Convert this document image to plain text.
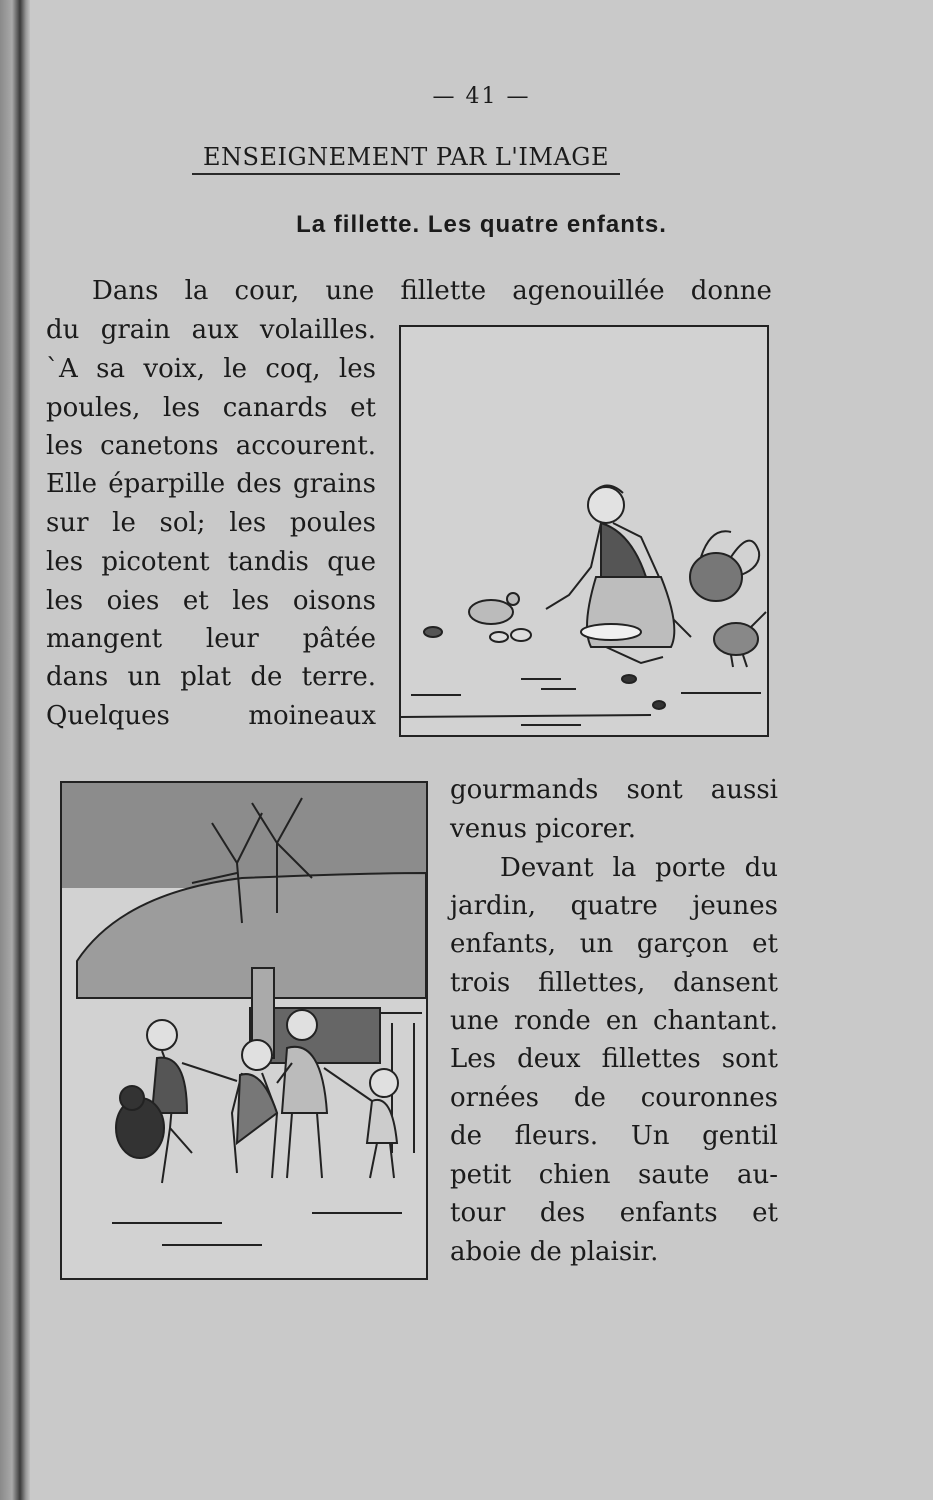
— 41 —
ENSEIGNEMENT PAR L'IMAGE
La fillette. Les quatre enfants.
Dans la cour, une fillette agenouillée donne
du grain aux volailles.
`A sa voix, le coq, les
poules, les canards et
les canetons accourent.
Elle éparpille des grains
sur le sol; les poules
les picotent tandis que
les oies et les oisons
mangent leur pâtée
dans un plat de terre.
Quelques	moineaux
gourmands sont aussi
venus picorer.
Devant la porte du
jardin, quatre jeunes
enfants, un garçon et
trois fillettes, dansent
une ronde en chantant.
Les deux fillettes sont
ornées de couronnes
de fleurs. Un gentil
petit chien saute au-
tour des enfants et
aboie de plaisir.
